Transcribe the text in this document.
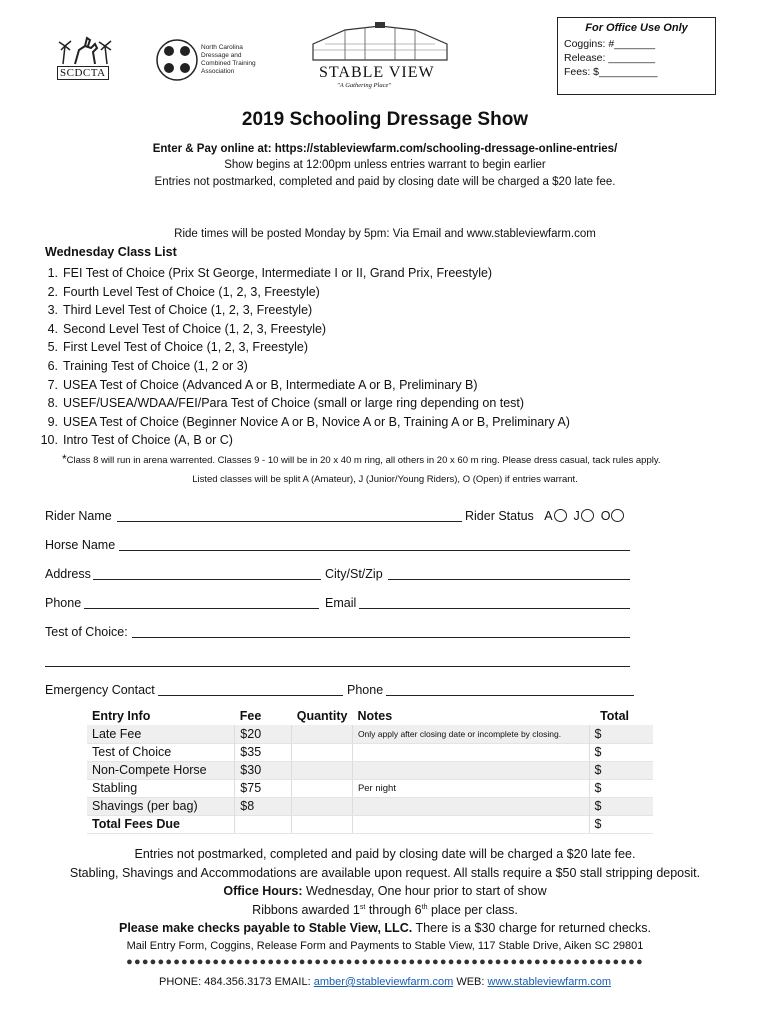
SCDCTA
North Carolina Dressage and Combined Training Association	STABLE VIEW
"A Gathering Place"
For Office Use Only
Coggins: #_______
Release: ________
Fees: $__________
2019 Schooling Dressage Show
Enter & Pay online at: https://stableviewfarm.com/schooling-dressage-online-entries/
Show begins at 12:00pm unless entries warrant to begin earlier
Entries not postmarked, completed and paid by closing date will be charged a $20 late fee.
Ride times will be posted Monday by 5pm: Via Email and www.stableviewfarm.com
Wednesday Class List
1. FEI Test of Choice (Prix St George, Intermediate I or II, Grand Prix, Freestyle)
2. Fourth Level Test of Choice (1, 2, 3, Freestyle)
3. Third Level Test of Choice (1, 2, 3, Freestyle)
4. Second Level Test of Choice (1, 2, 3, Freestyle)
5. First Level Test of Choice (1, 2, 3, Freestyle)
6. Training Test of Choice (1, 2 or 3)
7. USEA Test of Choice (Advanced A or B, Intermediate A or B, Preliminary B)
8. USEF/USEA/WDAA/FEI/Para Test of Choice (small or large ring depending on test)
9. USEA Test of Choice (Beginner Novice A or B, Novice A or B, Training A or B, Preliminary A)
10. Intro Test of Choice (A, B or C)
*Class 8 will run in arena warrented. Classes 9 - 10 will be in 20 x 40 m ring, all others in 20 x 60 m ring. Please dress casual, tack rules apply.
Listed classes will be split A (Amateur), J (Junior/Young Riders), O (Open) if entries warrant.
Rider Name	Rider Status A J O
Horse Name
Address	City/St/Zip
Phone	Email
Test of Choice:
Emergency Contact	Phone
Entry Info	Fee	Quantity	Notes	Total
Late Fee	$20		Only apply after closing date or incomplete by closing.	$
Test of Choice	$35			$
Non-Compete Horse	$30			$
Stabling	$75		Per night	$
Shavings (per bag)	$8			$
Total Fees Due				$
Entries not postmarked, completed and paid by closing date will be charged a $20 late fee.
Stabling, Shavings and Accommodations are available upon request. All stalls require a $50 stall stripping deposit.
Office Hours: Wednesday, One hour prior to start of show
Ribbons awarded 1st through 6th place per class.
Please make checks payable to Stable View, LLC. There is a $30 charge for returned checks.
Mail Entry Form, Coggins, Release Form and Payments to Stable View, 117 Stable Drive, Aiken SC 29801
●●●●●●●●●●●●●●●●●●●●●●●●●●●●●●●●●●●●●●●●●●●●●●●●●●●●●●●●●●●●●●●●●●
PHONE: 484.356.3173 EMAIL: amber@stableviewfarm.com WEB: www.stableviewfarm.com
